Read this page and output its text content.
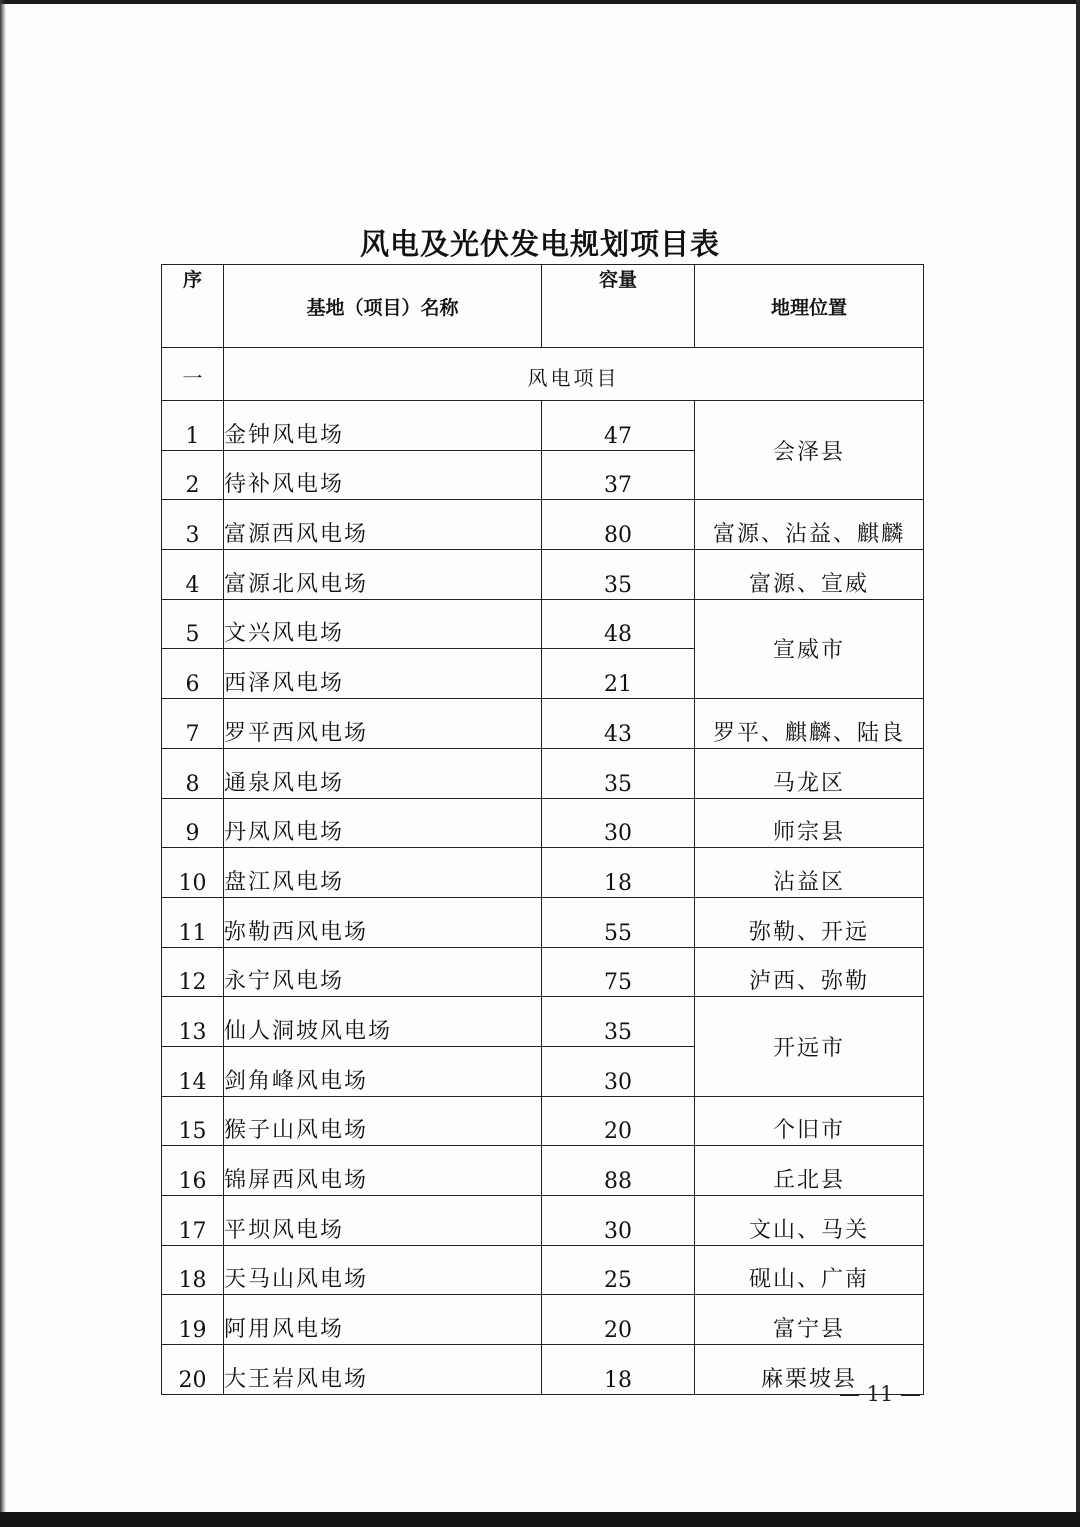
风电及光伏发电规划项目表
序	基地（项目）名称	容量	地理位置
一	风电项目		
1	金钟风电场	47	会泽县
2	待补风电场	37	
3	富源西风电场	80	富源、沾益、麒麟
4	富源北风电场	35	富源、宣威
5	文兴风电场	48	宣威市
6	西泽风电场	21	
7	罗平西风电场	43	罗平、麒麟、陆良
8	通泉风电场	35	马龙区
9	丹凤风电场	30	师宗县
10	盘江风电场	18	沾益区
11	弥勒西风电场	55	弥勒、开远
12	永宁风电场	75	泸西、弥勒
13	仙人洞坡风电场	35	开远市
14	剑角峰风电场	30	
15	猴子山风电场	20	个旧市
16	锦屏西风电场	88	丘北县
17	平坝风电场	30	文山、马关
18	天马山风电场	25	砚山、广南
19	阿用风电场	20	富宁县
20	大王岩风电场	18	麻栗坡县
— 11 —
